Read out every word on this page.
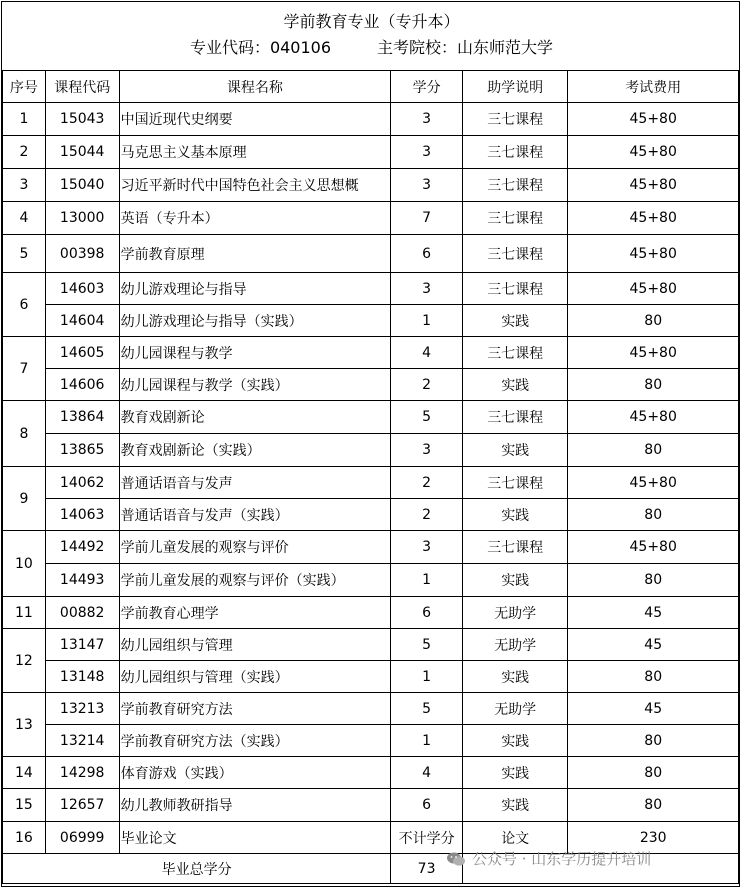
学前教育专业（专升本）
专业代码：040106	主考院校：山东师范大学
序号	课程代码	课程名称	学分	助学说明	考试费用
1	15043	中国近现代史纲要	3	三七课程	45+80
2	15044	马克思主义基本原理	3	三七课程	45+80
3	15040	习近平新时代中国特色社会主义思想概	3	三七课程	45+80
4	13000	英语（专升本）	7	三七课程	45+80
5	00398	学前教育原理	6	三七课程	45+80
6	14603	幼儿游戏理论与指导	3	三七课程	45+80
	14604	幼儿游戏理论与指导（实践）	1	实践	80
7	14605	幼儿园课程与教学	4	三七课程	45+80
	14606	幼儿园课程与教学（实践）	2	实践	80
8	13864	教育戏剧新论	5	三七课程	45+80
	13865	教育戏剧新论（实践）	3	实践	80
9	14062	普通话语音与发声	2	三七课程	45+80
	14063	普通话语音与发声（实践）	2	实践	80
10	14492	学前儿童发展的观察与评价	3	三七课程	45+80
	14493	学前儿童发展的观察与评价（实践）	1	实践	80
11	00882	学前教育心理学	6	无助学	45
12	13147	幼儿园组织与管理	5	无助学	45
	13148	幼儿园组织与管理（实践）	1	实践	80
13	13213	学前教育研究方法	5	无助学	45
	13214	学前教育研究方法（实践）	1	实践	80
14	14298	体育游戏（实践）	4	实践	80
15	12657	幼儿教师教研指导	6	实践	80
16	06999	毕业论文	不计学分	论文	230
毕业总学分			73		
公众号 · 山东学历提升培训
